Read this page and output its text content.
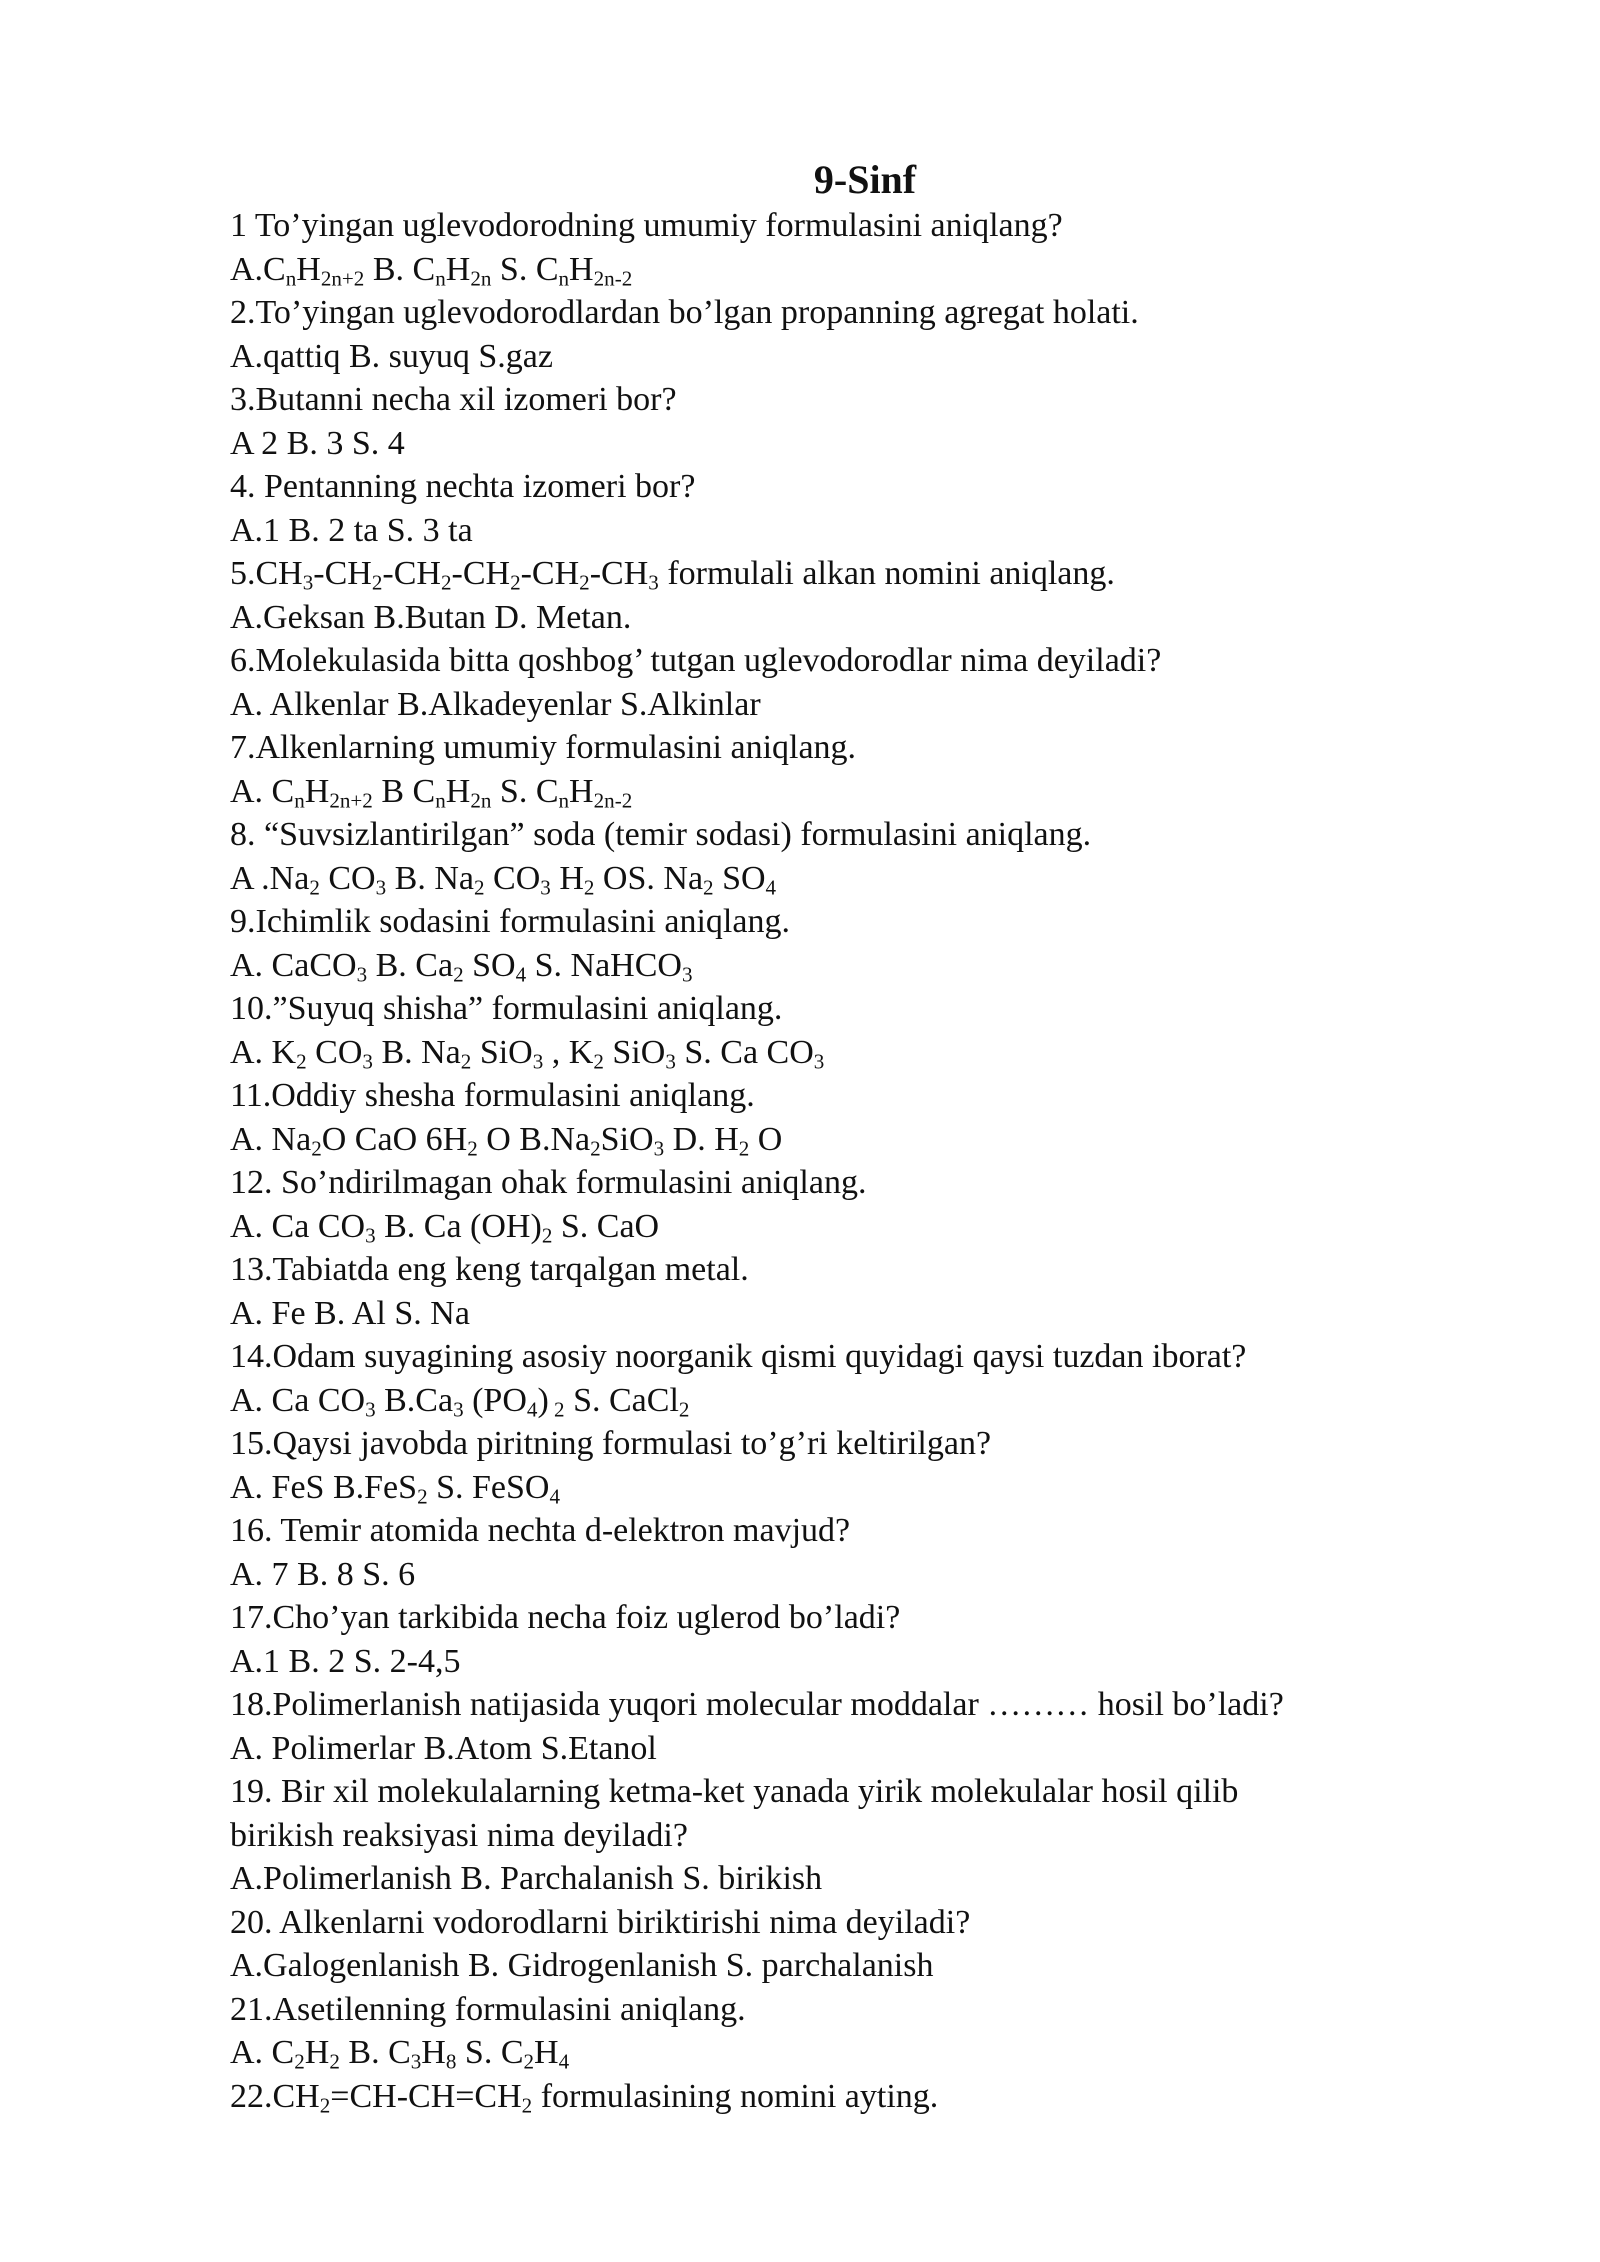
9-Sinf
1 To’yingan uglevodorodning umumiy formulasini aniqlang?
$A.C_nH_{2n+2}$ B. $C_nH_{2n}$ S. $C_nH_{2n-2}$
2.To’yingan uglevodorodlardan bo’lgan propanning agregat holati.
A.qattiq B. suyuq S.gaz
3.Butanni necha xil izomeri bor?
A 2 B. 3 S. 4
4. Pentanning nechta izomeri bor?
A.1 B. 2 ta S. 3 ta
$5.CH_3-CH_2-CH_2-CH_2-CH_2-CH_3$ formulali alkan nomini aniqlang.
A.Geksan B.Butan D. Metan.
6.Molekulasida bitta qoshbog’ tutgan uglevodorodlar nima deyiladi?
A. Alkenlar B.Alkadeyenlar S.Alkinlar
7.Alkenlarning umumiy formulasini aniqlang.
A. $C_nH_{2n+2}$ B $C_nH_{2n}$ S. $C_nH_{2n-2}$
8. “Suvsizlantirilgan” soda (temir sodasi) formulasini aniqlang.
A $.Na_2$ $CO_3$ B. $Na_2$ $CO_3$ $H_2$ OS. $Na_2$ $SO_4$
9.Ichimlik sodasini formulasini aniqlang.
A. CaCO$_3$ B. $Ca_2$ $SO_4$ S. NaHCO$_3$
10.”Suyuq shisha” formulasini aniqlang.
A. $K_2$ $CO_3$ B. $Na_2$ SiO$_3$ , $K_2$ SiO$_3$ S. Ca $CO_3$
11.Oddiy shesha formulasini aniqlang.
A. $Na_2O$ CaO $6H_2$ O $B.Na_2SiO_3$ D. $H_2$ O
12. So’ndirilmagan ohak formulasini aniqlang.
A. Ca $CO_3$ B. Ca $(OH)_2$ S. CaO
13.Tabiatda eng keng tarqalgan metal.
A. Fe B. Al S. Na
14.Odam suyagining asosiy noorganik qismi quyidagi qaysi tuzdan iborat?
A. Ca $CO_3$ $B.Ca_3$ $(PO_4)$ $_2$ S. CaCl$_2$
15.Qaysi javobda piritning formulasi to’g’ri keltirilgan?
A. FeS B.FeS$_2$ S. FeSO$_4$
16. Temir atomida nechta d-elektron mavjud?
A. 7 B. 8 S. 6
17.Cho’yan tarkibida necha foiz uglerod bo’ladi?
A.1 B. 2 S. 2-4,5
18.Polimerlanish natijasida yuqori molecular moddalar ……… hosil bo’ladi?
A. Polimerlar B.Atom S.Etanol
19. Bir xil molekulalarning ketma-ket yanada yirik molekulalar hosil qilib
birikish reaksiyasi nima deyiladi?
A.Polimerlanish B. Parchalanish S. birikish
20. Alkenlarni vodorodlarni biriktirishi nima deyiladi?
A.Galogenlanish B. Gidrogenlanish S. parchalanish
21.Asetilenning formulasini aniqlang.
A. $C_2H_2$ B. $C_3H_8$ S. $C_2H_4$
$22.CH_2=CH-CH=CH_2$ formulasining nomini ayting.
